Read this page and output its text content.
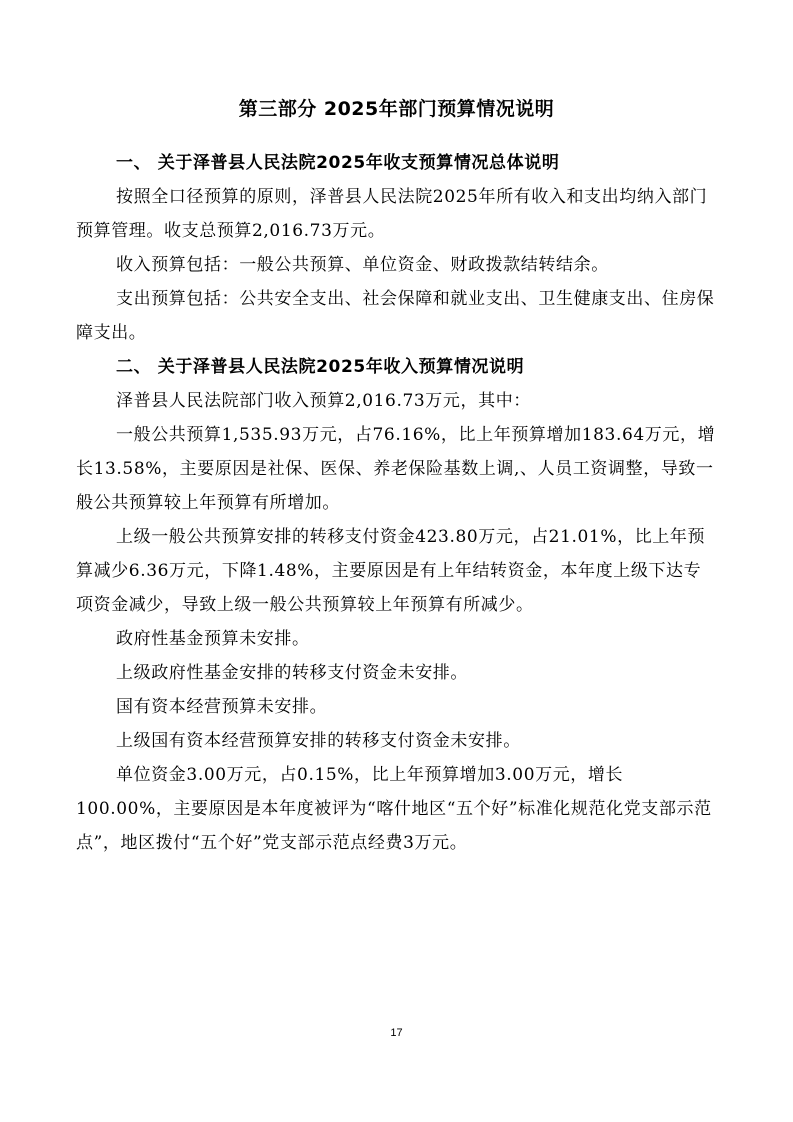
第三部分 2025年部门预算情况说明

一、 关于泽普县人民法院2025年收支预算情况总体说明

按照全口径预算的原则，泽普县人民法院2025年所有收入和支出均纳入部门预算管理。收支总预算2,016.73万元。

收入预算包括：一般公共预算、单位资金、财政拨款结转结余。

支出预算包括：公共安全支出、社会保障和就业支出、卫生健康支出、住房保障支出。

二、 关于泽普县人民法院2025年收入预算情况说明

泽普县人民法院部门收入预算2,016.73万元，其中：

一般公共预算1,535.93万元，占76.16%，比上年预算增加183.64万元，增长13.58%，主要原因是社保、医保、养老保险基数上调,、人员工资调整，导致一般公共预算较上年预算有所增加。

上级一般公共预算安排的转移支付资金423.80万元，占21.01%，比上年预算减少6.36万元，下降1.48%，主要原因是有上年结转资金，本年度上级下达专项资金减少，导致上级一般公共预算较上年预算有所减少。

政府性基金预算未安排。

上级政府性基金安排的转移支付资金未安排。

国有资本经营预算未安排。

上级国有资本经营预算安排的转移支付资金未安排。

单位资金3.00万元，占0.15%，比上年预算增加3.00万元，增长100.00%，主要原因是本年度被评为“喀什地区“五个好”标准化规范化党支部示范点”，地区拨付“五个好”党支部示范点经费3万元。

17
